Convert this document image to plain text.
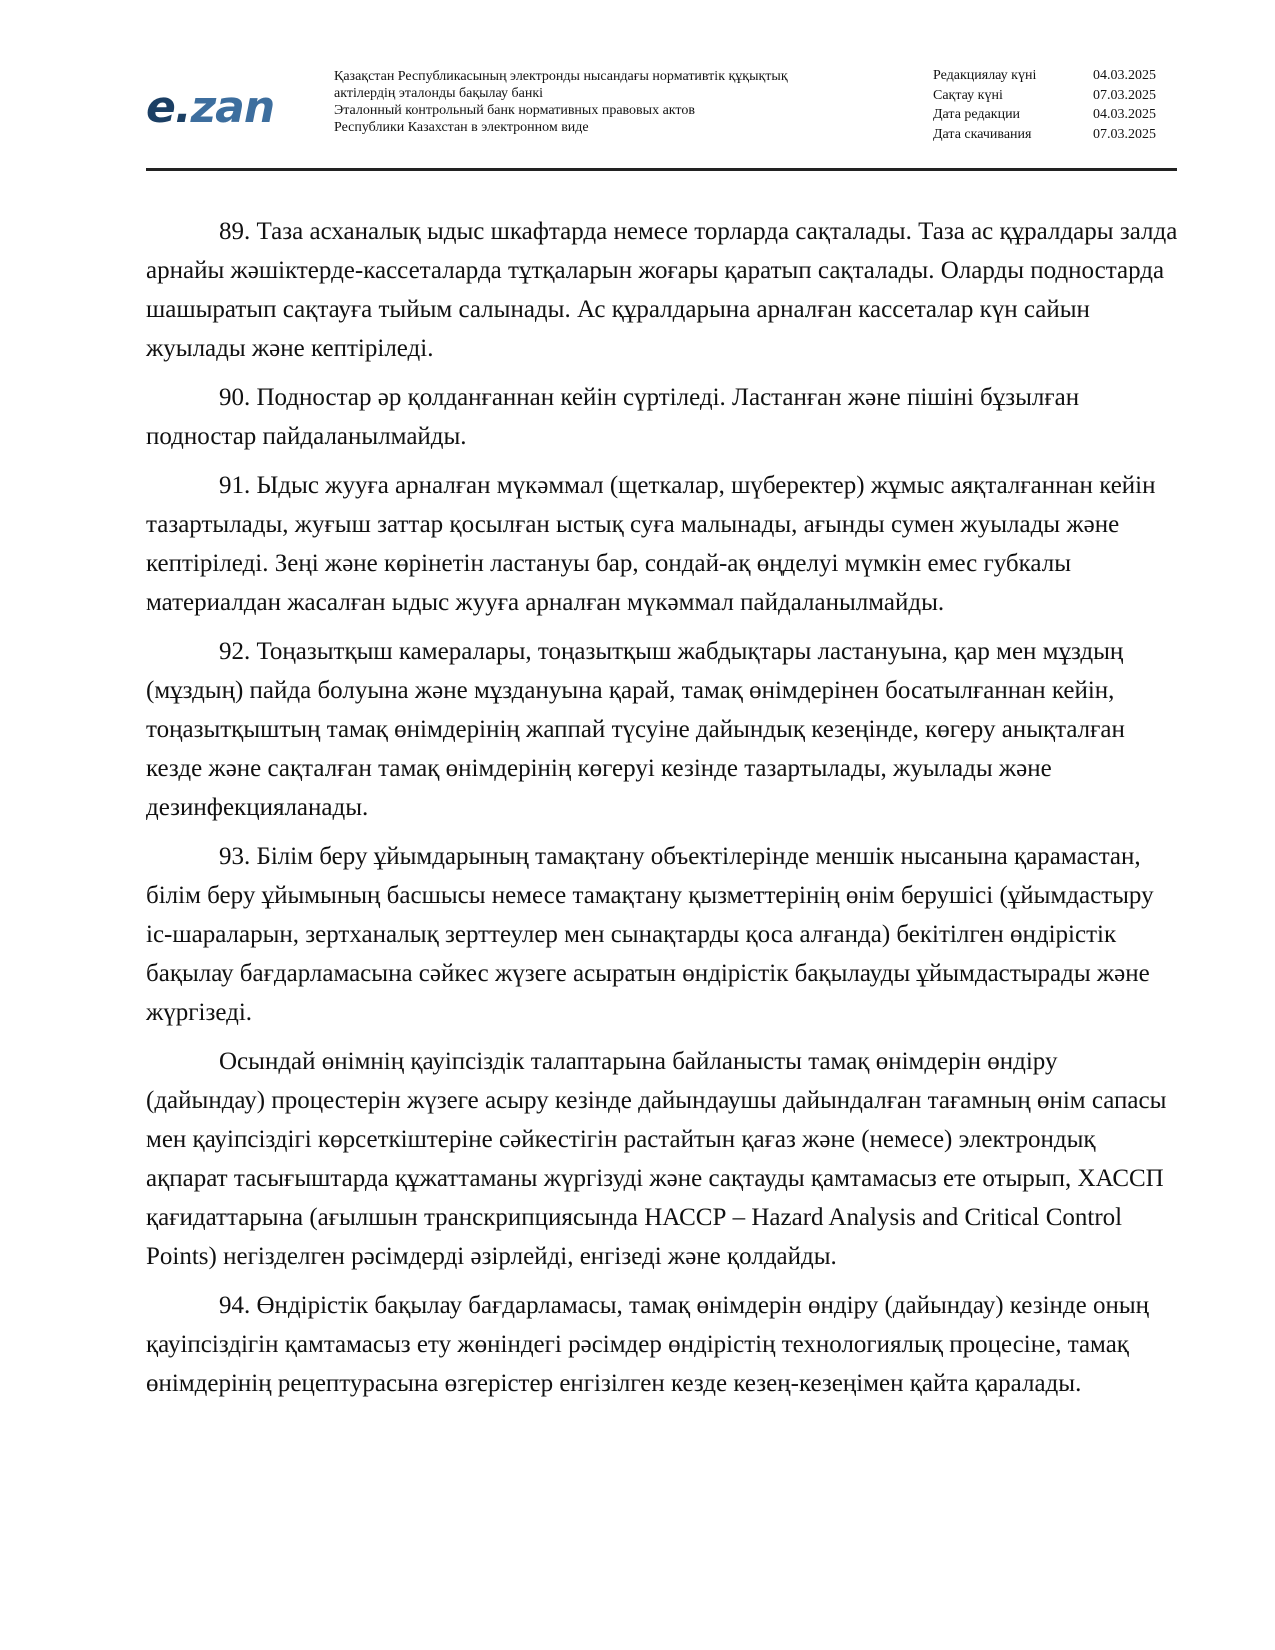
e.zan
Қазақстан Республикасының электронды нысандағы нормативтік құқықтық
актілердің эталонды бақылау банкі
Эталонный контрольный банк нормативных правовых актов
Республики Казахстан в электронном виде
Редакциялау күні	04.03.2025
Сақтау күні	07.03.2025
Дата редакции	04.03.2025
Дата скачивания	07.03.2025

89. Таза асханалық ыдыс шкафтарда немесе торларда сақталады. Таза ас құралдары залда арнайы жәшіктерде-кассеталарда тұтқаларын жоғары қаратып сақталады. Оларды подностарда шашыратып сақтауға тыйым салынады. Ас құралдарына арналған кассеталар күн сайын жуылады және кептіріледі.

90. Подностар әр қолданғаннан кейін сүртіледі. Ластанған және пішіні бұзылған подностар пайдаланылмайды.

91. Ыдыс жууға арналған мүкәммал (щеткалар, шүберектер) жұмыс аяқталғаннан кейін тазартылады, жуғыш заттар қосылған ыстық суға малынады, ағынды сумен жуылады және кептіріледі. Зеңі және көрінетін ластануы бар, сондай-ақ өңделуі мүмкін емес губкалы материалдан жасалған ыдыс жууға арналған мүкәммал пайдаланылмайды.

92. Тоңазытқыш камералары, тоңазытқыш жабдықтары ластануына, қар мен мұздың (мұздың) пайда болуына және мұздануына қарай, тамақ өнімдерінен босатылғаннан кейін, тоңазытқыштың тамақ өнімдерінің жаппай түсуіне дайындық кезеңінде, көгеру анықталған кезде және сақталған тамақ өнімдерінің көгеруі кезінде тазартылады, жуылады және дезинфекцияланады.

93. Білім беру ұйымдарының тамақтану объектілерінде меншік нысанына қарамастан, білім беру ұйымының басшысы немесе тамақтану қызметтерінің өнім берушісі (ұйымдастыру іс-шараларын, зертханалық зерттеулер мен сынақтарды қоса алғанда) бекітілген өндірістік бақылау бағдарламасына сәйкес жүзеге асыратын өндірістік бақылауды ұйымдастырады және жүргізеді.

Осындай өнімнің қауіпсіздік талаптарына байланысты тамақ өнімдерін өндіру (дайындау) процестерін жүзеге асыру кезінде дайындаушы дайындалған тағамның өнім сапасы мен қауіпсіздігі көрсеткіштеріне сәйкестігін растайтын қағаз және (немесе) электрондық ақпарат тасығыштарда құжаттаманы жүргізуді және сақтауды қамтамасыз ете отырып, ХАССП қағидаттарына (ағылшын транскрипциясында НАССР – Hazard Analysis and Critical Control Points) негізделген рәсімдерді әзірлейді, енгізеді және қолдайды.

94. Өндірістік бақылау бағдарламасы, тамақ өнімдерін өндіру (дайындау) кезінде оның қауіпсіздігін қамтамасыз ету жөніндегі рәсімдер өндірістің технологиялық процесіне, тамақ өнімдерінің рецептурасына өзгерістер енгізілген кезде кезең-кезеңімен қайта қаралады.
